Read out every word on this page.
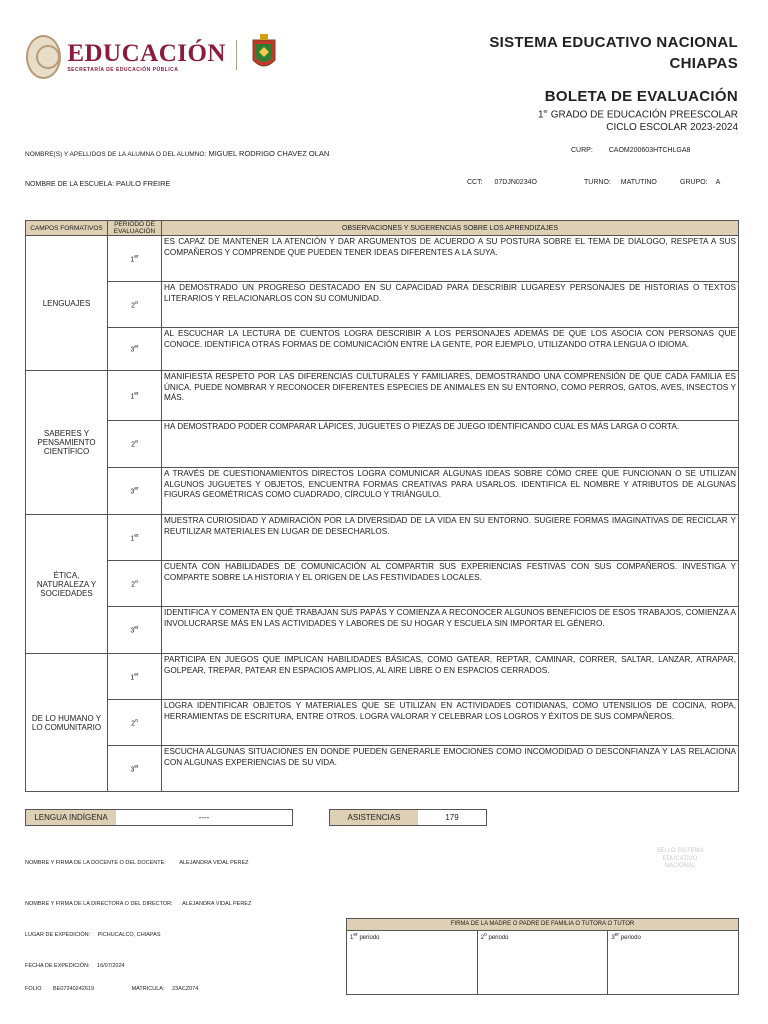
EDUCACIÓN
SECRETARÍA DE EDUCACIÓN PÚBLICA
SISTEMA EDUCATIVO NACIONAL
CHIAPAS
BOLETA DE EVALUACIÓN
1er GRADO DE EDUCACIÓN PREESCOLAR
CICLO ESCOLAR 2023-2024
NOMBRE(S) Y APELLIDOS DE LA ALUMNA O DEL ALUMNO: MIGUEL RODRIGO CHAVEZ OLAN	CURP: CAOM200603HTCHLGA8
NOMBRE DE LA ESCUELA: PAULO FREIRE	CCT: 07DJN0234O	TURNO: MATUTINO	GRUPO: A
CAMPOS FORMATIVOS	PERIODO DE EVALUACIÓN	OBSERVACIONES Y SUGERENCIAS SOBRE LOS APRENDIZAJES
LENGUAJES	1er	ES CAPAZ DE MANTENER LA ATENCIÓN Y DAR ARGUMENTOS DE ACUERDO A SU POSTURA SOBRE EL TEMA DE DIALOGO, RESPETA A SUS COMPAÑEROS Y COMPRENDE QUE PUEDEN TENER IDEAS DIFERENTES A LA SUYA.
	2$^o$	HA DEMOSTRADO UN PROGRESO DESTACADO EN SU CAPACIDAD PARA DESCRIBIR LUGARESY PERSONAJES DE HISTORIAS O TEXTOS LITERARIOS Y RELACIONARLOS CON SU COMUNIDAD.
	3er	AL ESCUCHAR LA LECTURA DE CUENTOS LOGRA DESCRIBIR A LOS PERSONAJES ADEMÁS DE QUE LOS ASOCIA CON PERSONAS QUE CONOCE. IDENTIFICA OTRAS FORMAS DE COMUNICACIÓN ENTRE LA GENTE, POR EJEMPLO, UTILIZANDO OTRA LENGUA O IDIOMA.
SABERES Y PENSAMIENTO CIENTÍFICO	1er	MANIFIESTA RESPETO POR LAS DIFERENCIAS CULTURALES Y FAMILIARES, DEMOSTRANDO UNA COMPRENSIÓN DE QUE CADA FAMILIA ES ÚNICA. PUEDE NOMBRAR Y RECONOCER DIFERENTES ESPECIES DE ANIMALES EN SU ENTORNO, COMO PERROS, GATOS, AVES, INSECTOS Y MÁS.
	2$^o$	HA DEMOSTRADO PODER COMPARAR LÁPICES, JUGUETES O PIEZAS DE JUEGO IDENTIFICANDO CUAL ES MÁS LARGA O CORTA.
	3er	A TRAVÉS DE CUESTIONAMIENTOS DIRECTOS LOGRA COMUNICAR ALGUNAS IDEAS SOBRE CÓMO CREE QUE FUNCIONAN O SE UTILIZAN ALGUNOS JUGUETES Y OBJETOS, ENCUENTRA FORMAS CREATIVAS PARA USARLOS. IDENTIFICA EL NOMBRE Y ATRIBUTOS DE ALGUNAS FIGURAS GEOMÉTRICAS COMO CUADRADO, CÍRCULO Y TRIÁNGULO.
ÉTICA, NATURALEZA Y SOCIEDADES	1er	MUESTRA CURIOSIDAD Y ADMIRACIÓN POR LA DIVERSIDAD DE LA VIDA EN SU ENTORNO. SUGIERE FORMAS IMAGINATIVAS DE RECICLAR Y REUTILIZAR MATERIALES EN LUGAR DE DESECHARLOS.
	2$^o$	CUENTA CON HABILIDADES DE COMUNICACIÓN AL COMPARTIR SUS EXPERIENCIAS FESTIVAS CON SUS COMPAÑEROS. INVESTIGA Y COMPARTE SOBRE LA HISTORIA Y EL ORIGEN DE LAS FESTIVIDADES LOCALES.
	3er	IDENTIFICA Y COMENTA EN QUÉ TRABAJAN SUS PAPÁS Y COMIENZA A RECONOCER ALGUNOS BENEFICIOS DE ESOS TRABAJOS, COMIENZA A INVOLUCRARSE MÁS EN LAS ACTIVIDADES Y LABORES DE SU HOGAR Y ESCUELA SIN IMPORTAR EL GÉNERO.
DE LO HUMANO Y LO COMUNITARIO	1er	PARTICIPA EN JUEGOS QUE IMPLICAN HABILIDADES BÁSICAS, COMO GATEAR, REPTAR, CAMINAR, CORRER, SALTAR, LANZAR, ATRAPAR, GOLPEAR, TREPAR, PATEAR EN ESPACIOS AMPLIOS, AL AIRE LIBRE O EN ESPACIOS CERRADOS.
	2$^o$	LOGRA IDENTIFICAR OBJETOS Y MATERIALES QUE SE UTILIZAN EN ACTIVIDADES COTIDIANAS, COMO UTENSILIOS DE COCINA, ROPA, HERRAMIENTAS DE ESCRITURA, ENTRE OTROS. LOGRA VALORAR Y CELEBRAR LOS LOGROS Y ÉXITOS DE SUS COMPAÑEROS.
	3er	ESCUCHA ALGUNAS SITUACIONES EN DONDE PUEDEN GENERARLE EMOCIONES COMO INCOMODIDAD O DESCONFIANZA Y LAS RELACIONA CON ALGUNAS EXPERIENCIAS DE SU VIDA.
LENGUA INDÍGENA	----	ASISTENCIAS	179
SELLO SISTEMA EDUCATIVO NACIONAL
NOMBRE Y FIRMA DE LA DOCENTE O DEL DOCENTE: ALEJANDRA VIDAL PEREZ
NOMBRE Y FIRMA DE LA DIRECTORA O DEL DIRECTOR: ALEJANDRA VIDAL PEREZ
LUGAR DE EXPEDICIÓN: PICHUCALCO, CHIAPAS
FECHA DE EXPEDICIÓN: 16/07/2024
FOLIO BE07240242619	MATRICULA: 23ACZ074
FIRMA DE LA MADRE O PADRE DE FAMILIA O TUTORA O TUTOR
1er periodo	2$^o$ periodo	3er periodo
